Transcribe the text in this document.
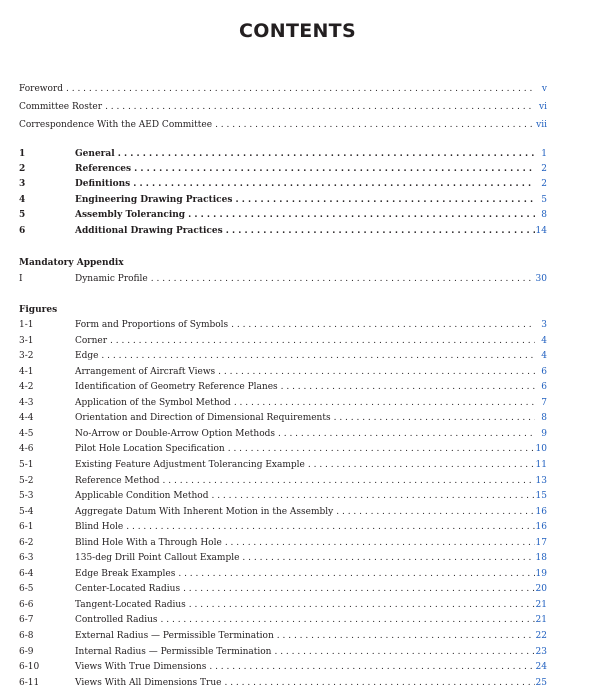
CONTENTS
Foreword . . .	v
Committee Roster . . .	vi
Correspondence With the AED Committee . . .	vii
1	General . . .	1
2	References . . .	2
3	Definitions . . .	2
4	Engineering Drawing Practices . . .	5
5	Assembly Tolerancing . . .	8
6	Additional Drawing Practices . . .	14
Mandatory Appendix
I	Dynamic Profile . . .	30
Figures
1-1	Form and Proportions of Symbols . . .	3
3-1	Corner . . .	4
3-2	Edge . . .	4
4-1	Arrangement of Aircraft Views . . .	6
4-2	Identification of Geometry Reference Planes . . .	6
4-3	Application of the Symbol Method . . .	7
4-4	Orientation and Direction of Dimensional Requirements . . .	8
4-5	No-Arrow or Double-Arrow Option Methods . . .	9
4-6	Pilot Hole Location Specification . . .	10
5-1	Existing Feature Adjustment Tolerancing Example . . .	11
5-2	Reference Method . . .	13
5-3	Applicable Condition Method . . .	15
5-4	Aggregate Datum With Inherent Motion in the Assembly . . .	16
6-1	Blind Hole . . .	16
6-2	Blind Hole With a Through Hole . . .	17
6-3	135-deg Drill Point Callout Example . . .	18
6-4	Edge Break Examples . . .	19
6-5	Center-Located Radius . . .	20
6-6	Tangent-Located Radius . . .	21
6-7	Controlled Radius . . .	21
6-8	External Radius — Permissible Termination . . .	22
6-9	Internal Radius — Permissible Termination . . .	23
6-10	Views With True Dimensions . . .	24
6-11	Views With All Dimensions True . . .	25
